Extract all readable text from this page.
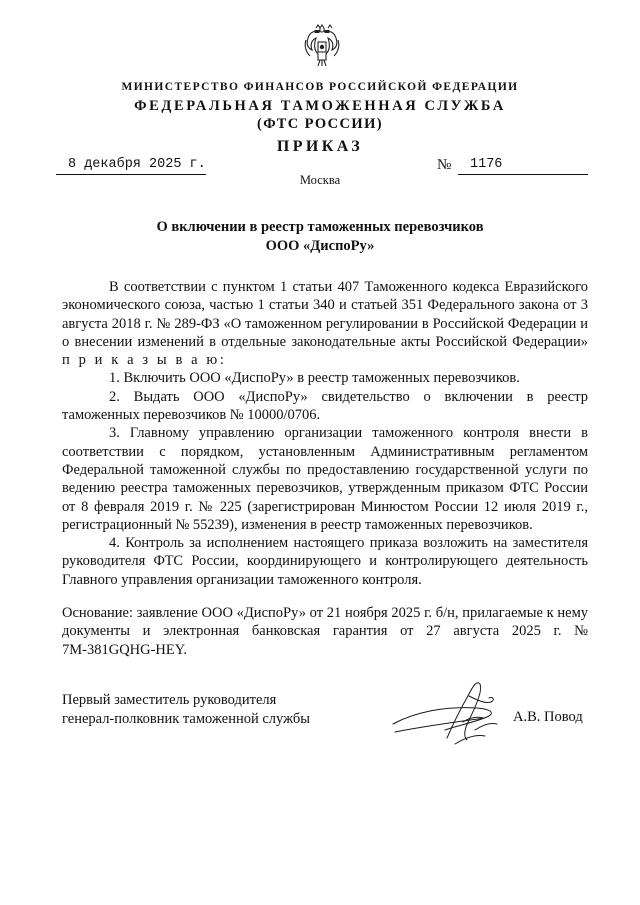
МИНИСТЕРСТВО ФИНАНСОВ РОССИЙСКОЙ ФЕДЕРАЦИИ
ФЕДЕРАЛЬНАЯ ТАМОЖЕННАЯ СЛУЖБА
(ФТС РОССИИ)
ПРИКАЗ
8 декабря 2025 г.	№ 1176
Москва
О включении в реестр таможенных перевозчиков
ООО «ДиспоРу»

В соответствии с пунктом 1 статьи 407 Таможенного кодекса Евразийского экономического союза, частью 1 статьи 340 и статьей 351 Федерального закона от 3 августа 2018 г. № 289-ФЗ «О таможенном регулировании в Российской Федерации и о внесении изменений в отдельные законодательные акты Российской Федерации» п р и к а з ы в а ю:

1. Включить ООО «ДиспоРу» в реестр таможенных перевозчиков.

2. Выдать ООО «ДиспоРу» свидетельство о включении в реестр таможенных перевозчиков № 10000/0706.

3. Главному управлению организации таможенного контроля внести в соответствии с порядком, установленным Административным регламентом Федеральной таможенной службы по предоставлению государственной услуги по ведению реестра таможенных перевозчиков, утвержденным приказом ФТС России от 8 февраля 2019 г. № 225 (зарегистрирован Минюстом России 12 июля 2019 г., регистрационный № 55239), изменения в реестр таможенных перевозчиков.

4. Контроль за исполнением настоящего приказа возложить на заместителя руководителя ФТС России, координирующего и контролирующего деятельность Главного управления организации таможенного контроля.

Основание: заявление ООО «ДиспоРу» от 21 ноября 2025 г. б/н, прилагаемые к нему документы и электронная банковская гарантия от 27 августа 2025 г. № 7М-381GQHG-HEY.

Первый заместитель руководителя
генерал-полковник таможенной службы	А.В. Повод
